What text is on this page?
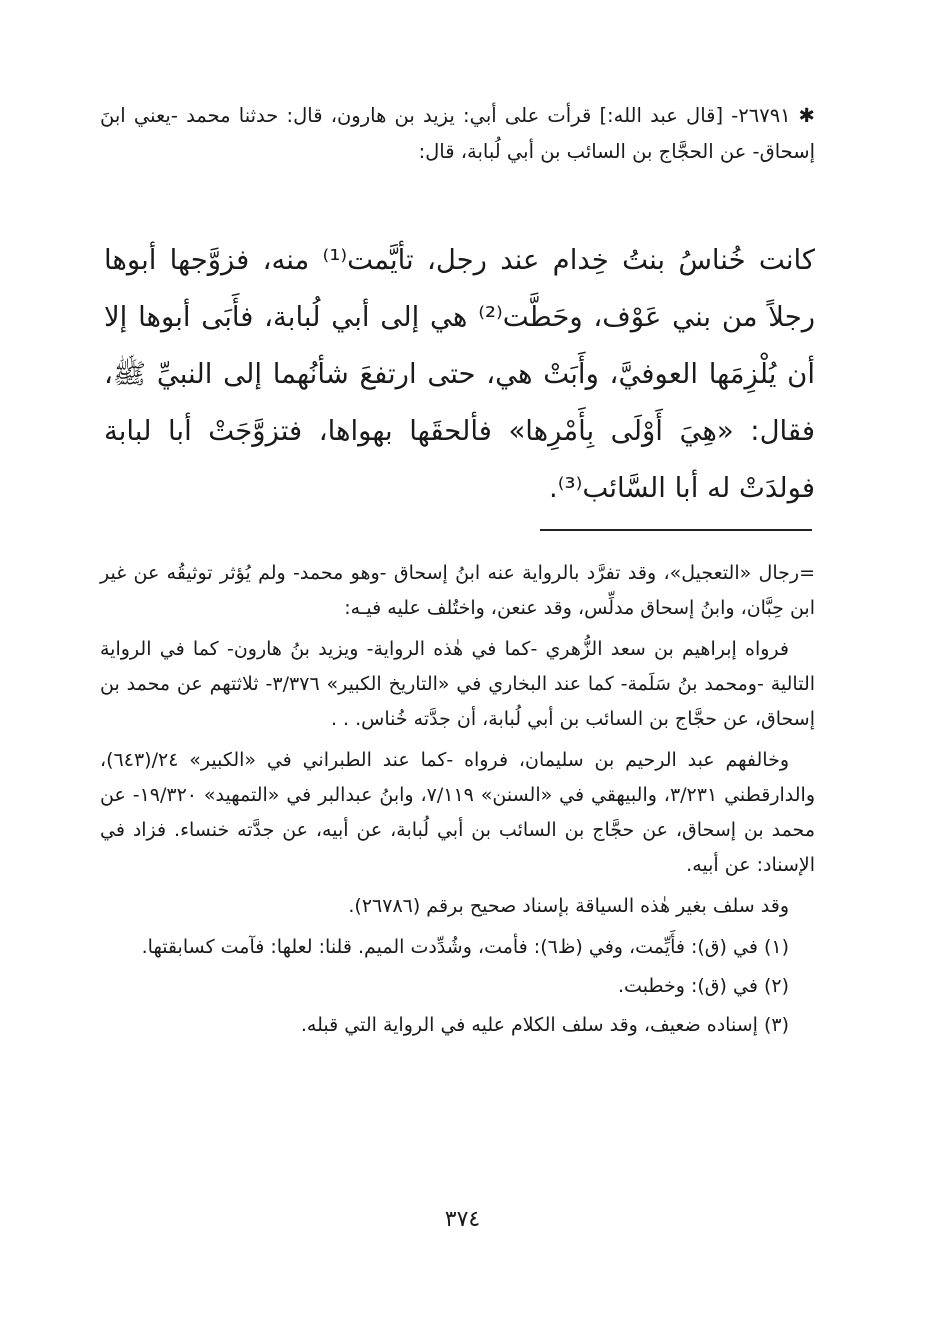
✱٢٦٧٩١- [قال عبد الله:] قرأت على أبي: يزيد بن هارون، قال: حدثنا محمد -يعني ابنَ إسحاق- عن الحجَّاج بن السائب بن أبي لُبابة، قال:
كانت خُناسُ بنتُ خِدام عند رجل، تأيَّمت⁽¹⁾ منه، فزوَّجها أبوها رجلاً من بني عَوْف، وحَطَّت⁽²⁾ هي إلى أبي لُبابة، فأَبَى أبوها إلا أن يُلْزِمَها العوفيَّ، وأَبَتْ هي، حتى ارتفعَ شأنُهما إلى النبيِّ ﷺ، فقال: «هِيَ أَوْلَى بِأَمْرِها» فألحقَها بهواها، فتزوَّجَتْ أبا لبابة فولدَتْ له أبا السَّائب⁽³⁾.

=رجال «التعجيل»، وقد تفرَّد بالرواية عنه ابنُ إسحاق -وهو محمد- ولم يُؤثر توثيقُه عن غير ابن حِبَّان، وابنُ إسحاق مدلِّس، وقد عنعن، واختُلف عليه فيـه:

فرواه إبراهيم بن سعد الزُّهري -كما في هٰذه الرواية- ويزيد بنُ هارون- كما في الرواية التالية -ومحمد بنُ سَلَمة- كما عند البخاري في «التاريخ الكبير» ٣/٣٧٦- ثلاثتهم عن محمد بن إسحاق، عن حجَّاج بن السائب بن أبي لُبابة، أن جدَّته خُناس. . .

وخالفهم عبد الرحيم بن سليمان، فرواه -كما عند الطبراني في «الكبير» ٢٤/(٦٤٣)، والدارقطني ٣/٢٣١، والبيهقي في «السنن» ٧/١١٩، وابنُ عبدالبر في «التمهيد» ١٩/٣٢٠- عن محمد بن إسحاق، عن حجَّاج بن السائب بن أبي لُبابة، عن أبيه، عن جدَّته خنساء. فزاد في الإسناد: عن أبيه.

وقد سلف بغير هٰذه السياقة بإسناد صحيح برقم (٢٦٧٨٦).

(١) في (ق): فأَيِّمت، وفي (ظ٦): فأمت، وشُدِّدت الميم. قلنا: لعلها: فآمت كسابقتها.

(٢) في (ق): وخطبت.

(٣) إسناده ضعيف، وقد سلف الكلام عليه في الرواية التي قبله.

٣٧٤
